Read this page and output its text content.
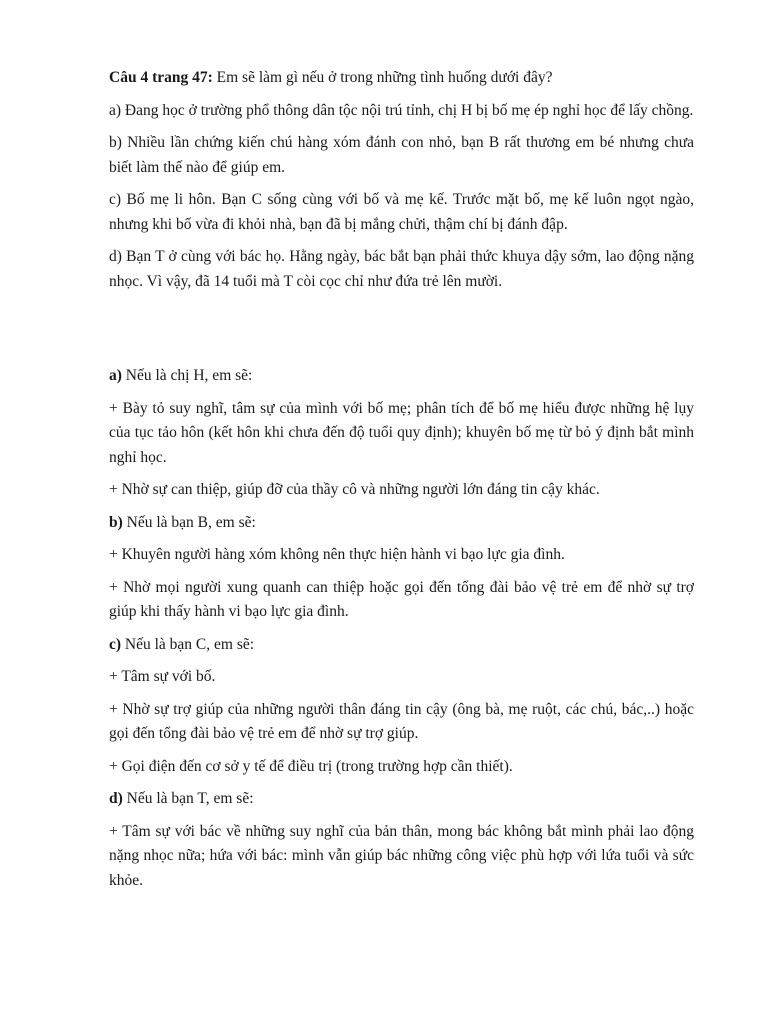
Câu 4 trang 47: Em sẽ làm gì nếu ở trong những tình huống dưới đây?

a) Đang học ở trường phổ thông dân tộc nội trú tỉnh, chị H bị bố mẹ ép nghỉ học để lấy chồng.

b) Nhiều lần chứng kiến chú hàng xóm đánh con nhỏ, bạn B rất thương em bé nhưng chưa biết làm thế nào để giúp em.

c) Bố mẹ li hôn. Bạn C sống cùng với bố và mẹ kế. Trước mặt bố, mẹ kế luôn ngọt ngào, nhưng khi bố vừa đi khỏi nhà, bạn đã bị mắng chửi, thậm chí bị đánh đập.

d) Bạn T ở cùng với bác họ. Hằng ngày, bác bắt bạn phải thức khuya dậy sớm, lao động nặng nhọc. Vì vậy, đã 14 tuổi mà T còi cọc chỉ như đứa trẻ lên mười.

a) Nếu là chị H, em sẽ:

+ Bày tỏ suy nghĩ, tâm sự của mình với bố mẹ; phân tích để bố mẹ hiểu được những hệ lụy của tục tảo hôn (kết hôn khi chưa đến độ tuổi quy định); khuyên bố mẹ từ bỏ ý định bắt mình nghỉ học.

+ Nhờ sự can thiệp, giúp đỡ của thầy cô và những người lớn đáng tin cậy khác.

b) Nếu là bạn B, em sẽ:

+ Khuyên người hàng xóm không nên thực hiện hành vi bạo lực gia đình.

+ Nhờ mọi người xung quanh can thiệp hoặc gọi đến tổng đài bảo vệ trẻ em để nhờ sự trợ giúp khi thấy hành vi bạo lực gia đình.

c) Nếu là bạn C, em sẽ:

+ Tâm sự với bố.

+ Nhờ sự trợ giúp của những người thân đáng tin cậy (ông bà, mẹ ruột, các chú, bác,..) hoặc gọi đến tổng đài bảo vệ trẻ em để nhờ sự trợ giúp.

+ Gọi điện đến cơ sở y tế để điều trị (trong trường hợp cần thiết).

d) Nếu là bạn T, em sẽ:

+ Tâm sự với bác về những suy nghĩ của bản thân, mong bác không bắt mình phải lao động nặng nhọc nữa; hứa với bác: mình vẫn giúp bác những công việc phù hợp với lứa tuổi và sức khỏe.
